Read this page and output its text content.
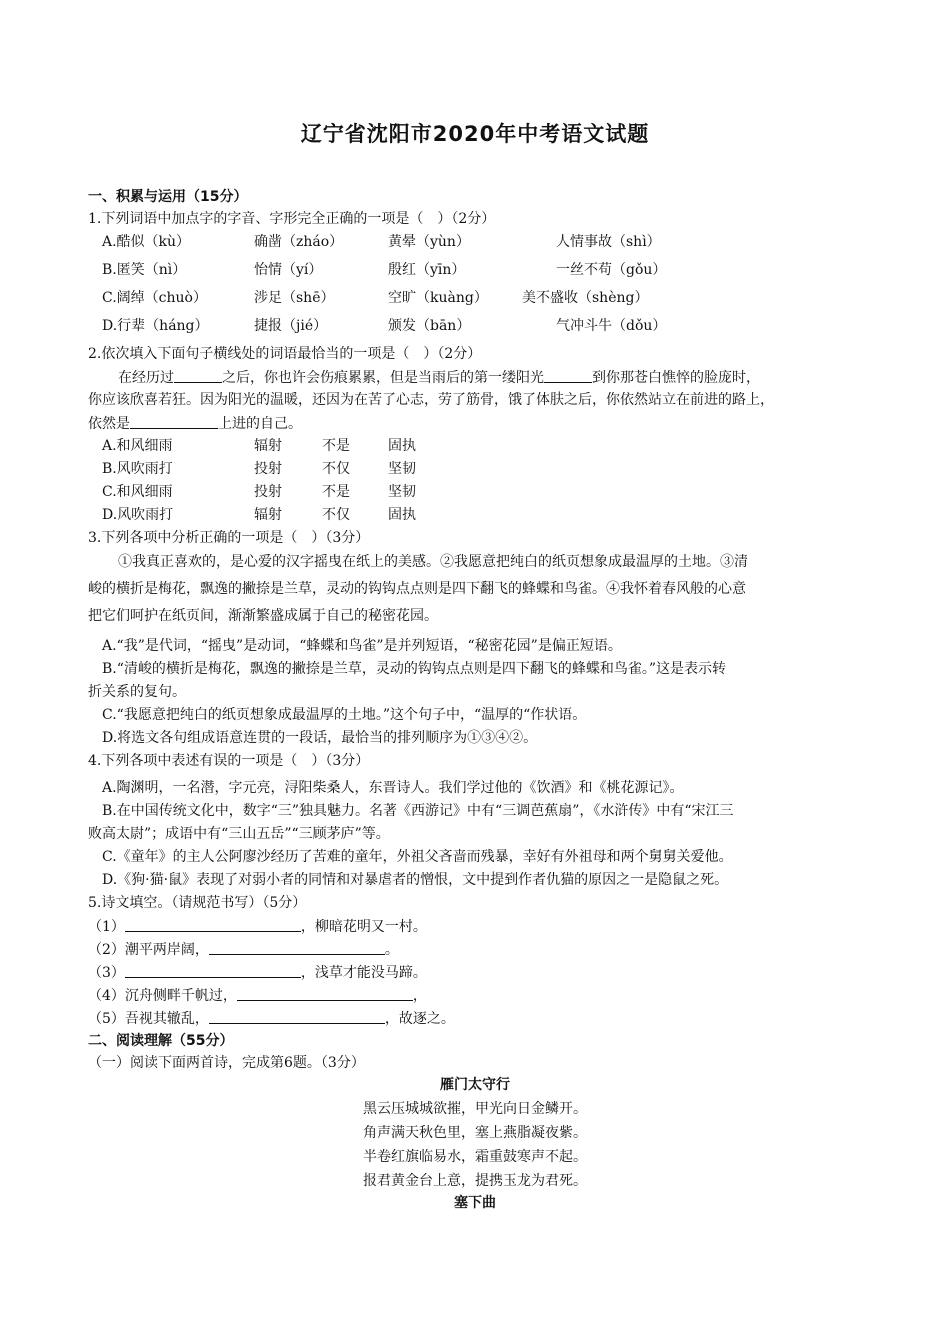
辽宁省沈阳市2020年中考语文试题
一、积累与运用（15分）
1.下列词语中加点字的字音、字形完全正确的一项是（　）（2分）
A.酷似（kù）	确凿（zháo）	黄晕（yùn）	人情事故（shì）
B.匿笑（nì）	怡情（yí）	殷红（yīn）	一丝不苟（gǒu）
C.阔绰（chuò）	涉足（shē）	空旷（kuàng） 美不盛收（shèng）
D.行辈（háng）	捷报（jié）	颁发（bān）	气冲斗牛（dǒu）
2.依次填入下面句子横线处的词语最恰当的一项是（　）（2分）
在经历过	之后，你也许会伤痕累累，但是当雨后的第一缕阳光	到你那苍白憔悴的脸庞时，
你应该欣喜若狂。因为阳光的温暖，还因为在苦了心志，劳了筋骨，饿了体肤之后，你依然站立在前进的路上，
依然是	上进的自己。
A.和风细雨	辐射	不是	固执
B.风吹雨打	投射	不仅	坚韧
C.和风细雨	投射	不是	坚韧
D.风吹雨打	辐射	不仅	固执
3.下列各项中分析正确的一项是（　）（3分）
①我真正喜欢的，是心爱的汉字摇曳在纸上的美感。②我愿意把纯白的纸页想象成最温厚的土地。③清
峻的横折是梅花，飘逸的撇捺是兰草，灵动的钩钩点点则是四下翻飞的蜂蝶和鸟雀。④我怀着春风般的心意
把它们呵护在纸页间，渐渐繁盛成属于自己的秘密花园。
A.“我”是代词，“摇曳”是动词，“蜂蝶和鸟雀”是并列短语，“秘密花园”是偏正短语。
B.“清峻的横折是梅花，飘逸的撇捺是兰草，灵动的钩钩点点则是四下翻飞的蜂蝶和鸟雀。”这是表示转
折关系的复句。
C.“我愿意把纯白的纸页想象成最温厚的土地。”这个句子中，“温厚的“作状语。
D.将选文各句组成语意连贯的一段话，最恰当的排列顺序为①③④②。
4.下列各项中表述有误的一项是（　）（3分）
A.陶渊明，一名潜，字元亮，浔阳柴桑人，东晋诗人。我们学过他的《饮酒》和《桃花源记》。
B.在中国传统文化中，数字“三”独具魅力。名著《西游记》中有“三调芭蕉扇”，《水浒传》中有“宋江三
败高太尉”；成语中有“三山五岳”“三顾茅庐”等。
C.《童年》的主人公阿廖沙经历了苦难的童年，外祖父吝啬而残暴，幸好有外祖母和两个舅舅关爱他。
D.《狗·猫·鼠》表现了对弱小者的同情和对暴虐者的憎恨，文中提到作者仇猫的原因之一是隐鼠之死。
5.诗文填空。（请规范书写）（5分）
（1）	，柳暗花明又一村。
（2）潮平两岸阔，	。
（3）	，浅草才能没马蹄。
（4）沉舟侧畔千帆过，	，
（5）吾视其辙乱，	，故逐之。
二、阅读理解（55分）
（一）阅读下面两首诗，完成第6题。（3分）
雁门太守行
黑云压城城欲摧，甲光向日金鳞开。
角声满天秋色里，塞上燕脂凝夜紫。
半卷红旗临易水，霜重鼓寒声不起。
报君黄金台上意，提携玉龙为君死。
塞下曲
